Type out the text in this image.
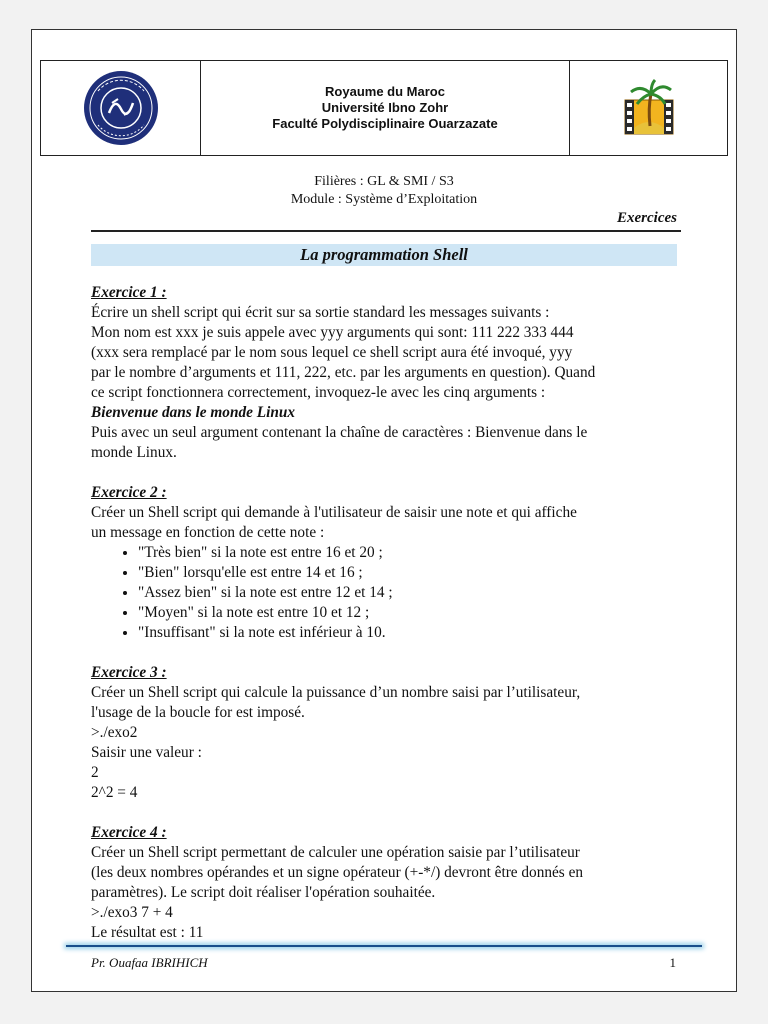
Royaume du Maroc
Université Ibno Zohr
Faculté Polydisciplinaire Ouarzazate
Filières : GL & SMI / S3
Module : Système d’Exploitation
Exercices
La programmation Shell

Exercice 1 :

Écrire un shell script qui écrit sur sa sortie standard les messages suivants :

Mon nom est xxx je suis appele avec yyy arguments qui sont: 111 222 333 444

(xxx sera remplacé par le nom sous lequel ce shell script aura été invoqué, yyy

par le nombre d’arguments et 111, 222, etc. par les arguments en question). Quand

ce script fonctionnera correctement, invoquez-le avec les cinq arguments :

Bienvenue dans le monde Linux

Puis avec un seul argument contenant la chaîne de caractères : Bienvenue dans le

monde Linux.

Exercice 2 :

Créer un Shell script qui demande à l'utilisateur de saisir une note et qui affiche

un message en fonction de cette note :

• "Très bien" si la note est entre 16 et 20 ;
• "Bien" lorsqu'elle est entre 14 et 16 ;
• "Assez bien" si la note est entre 12 et 14 ;
• "Moyen" si la note est entre 10 et 12 ;
• "Insuffisant" si la note est inférieur à 10.

Exercice 3 :

Créer un Shell script qui calcule la puissance d’un nombre saisi par l’utilisateur,

l'usage de la boucle for est imposé.

>./exo2

Saisir une valeur :

2

2^2 = 4

Exercice 4 :

Créer un Shell script permettant de calculer une opération saisie par l’utilisateur

(les deux nombres opérandes et un signe opérateur (+-*/) devront être donnés en

paramètres). Le script doit réaliser l'opération souhaitée.

>./exo3 7 + 4

Le résultat est : 11

Pr. Ouafaa IBRIHICH	1
